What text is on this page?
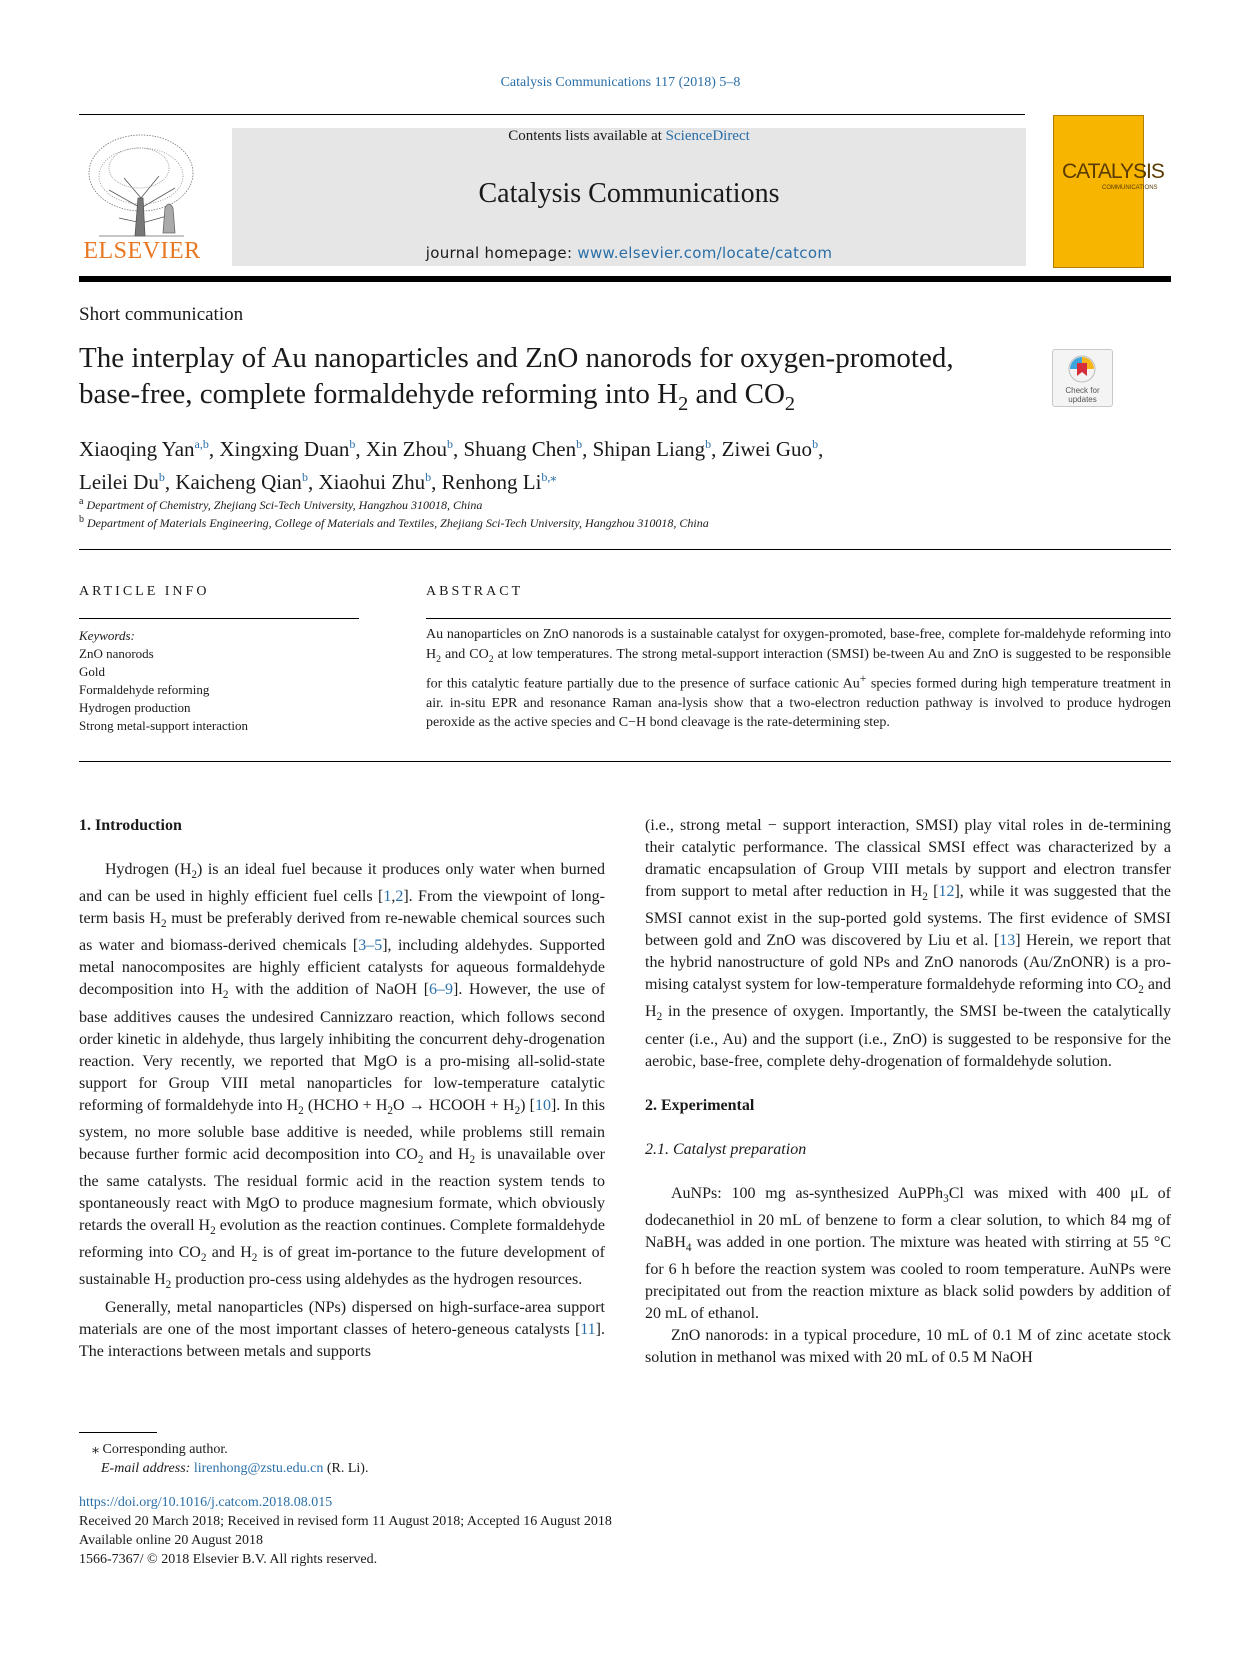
Catalysis Communications 117 (2018) 5–8
ELSEVIER
Contents lists available at ScienceDirect
Catalysis Communications
journal homepage: www.elsevier.com/locate/catcom
CATALYSIS
COMMUNICATIONS
Short communication
The interplay of Au nanoparticles and ZnO nanorods for oxygen-promoted,
base-free, complete formaldehyde reforming into $H_2$ and $CO_2$
Check for updates
Xiaoqing Yan$^{a,b}$, Xingxing Duan$^b$, Xin Zhou$^b$, Shuang Chen$^b$, Shipan Liang$^b$, Ziwei Guo$^b$,
Leilei Du$^b$, Kaicheng Qian$^b$, Xiaohui Zhu$^b$, Renhong $Li^{b,⁎}$
$^a$ Department of Chemistry, Zhejiang Sci-Tech University, Hangzhou 310018, China
$^b$ Department of Materials Engineering, College of Materials and Textiles, Zhejiang Sci-Tech University, Hangzhou 310018, China
ARTICLE INFO	ABSTRACT
Keywords:
ZnO nanorods
Gold
Formaldehyde reforming
Hydrogen production
Strong metal-support interaction
Au nanoparticles on ZnO nanorods is a sustainable catalyst for oxygen-promoted, base-free, complete for-maldehyde reforming into $H_2$ and $CO_2$ at low temperatures. The strong metal-support interaction (SMSI) be-tween Au and ZnO is suggested to be responsible for this catalytic feature partially due to the presence of surface cationic Au+ species formed during high temperature treatment in air. in-situ EPR and resonance Raman ana-lysis show that a two-electron reduction pathway is involved to produce hydrogen peroxide as the active species and C−H bond cleavage is the rate-determining step.
1. Introduction

Hydrogen $(H_2)$ is an ideal fuel because it produces only water when burned and can be used in highly efficient fuel cells [1,2]. From the viewpoint of long-term basis $H_2$ must be preferably derived from re-newable chemical sources such as water and biomass-derived chemicals [3–5], including aldehydes. Supported metal nanocomposites are highly efficient catalysts for aqueous formaldehyde decomposition into $H_2$ with the addition of NaOH [6–9]. However, the use of base additives causes the undesired Cannizzaro reaction, which follows second order kinetic in aldehyde, thus largely inhibiting the concurrent dehy-drogenation reaction. Very recently, we reported that MgO is a pro-mising all-solid-state support for Group VIII metal nanoparticles for low-temperature catalytic reforming of formaldehyde into $H_2$ (HCHO + $H_2O$ → HCOOH + $H_2$) [10]. In this system, no more soluble base additive is needed, while problems still remain because further formic acid decomposition into $CO_2$ and $H_2$ is unavailable over the same catalysts. The residual formic acid in the reaction system tends to spontaneously react with MgO to produce magnesium formate, which obviously retards the overall $H_2$ evolution as the reaction continues. Complete formaldehyde reforming into $CO_2$ and $H_2$ is of great im-portance to the future development of sustainable $H_2$ production pro-cess using aldehydes as the hydrogen resources.

Generally, metal nanoparticles (NPs) dispersed on high-surface-area support materials are one of the most important classes of hetero-geneous catalysts [11]. The interactions between metals and supports

(i.e., strong metal − support interaction, SMSI) play vital roles in de-termining their catalytic performance. The classical SMSI effect was characterized by a dramatic encapsulation of Group VIII metals by support and electron transfer from support to metal after reduction in $H_2$ [12], while it was suggested that the SMSI cannot exist in the sup-ported gold systems. The first evidence of SMSI between gold and ZnO was discovered by Liu et al. [13] Herein, we report that the hybrid nanostructure of gold NPs and ZnO nanorods (Au/ZnONR) is a pro-mising catalyst system for low-temperature formaldehyde reforming into $CO_2$ and $H_2$ in the presence of oxygen. Importantly, the SMSI be-tween the catalytically center (i.e., Au) and the support (i.e., ZnO) is suggested to be responsive for the aerobic, base-free, complete dehy-drogenation of formaldehyde solution.

2. Experimental
2.1. Catalyst preparation

AuNPs: 100 mg as-synthesized AuPPh$_3$Cl was mixed with 400 μL of dodecanethiol in 20 mL of benzene to form a clear solution, to which 84 mg of NaBH$_4$ was added in one portion. The mixture was heated with stirring at 55 °C for 6 h before the reaction system was cooled to room temperature. AuNPs were precipitated out from the reaction mixture as black solid powders by addition of 20 mL of ethanol.

ZnO nanorods: in a typical procedure, 10 mL of 0.1 M of zinc acetate stock solution in methanol was mixed with 20 mL of 0.5 M NaOH

⁎ Corresponding author.
E-mail address: lirenhong@zstu.edu.cn (R. Li).
https://doi.org/10.1016/j.catcom.2018.08.015
Received 20 March 2018; Received in revised form 11 August 2018; Accepted 16 August 2018
Available online 20 August 2018
1566-7367/ © 2018 Elsevier B.V. All rights reserved.
